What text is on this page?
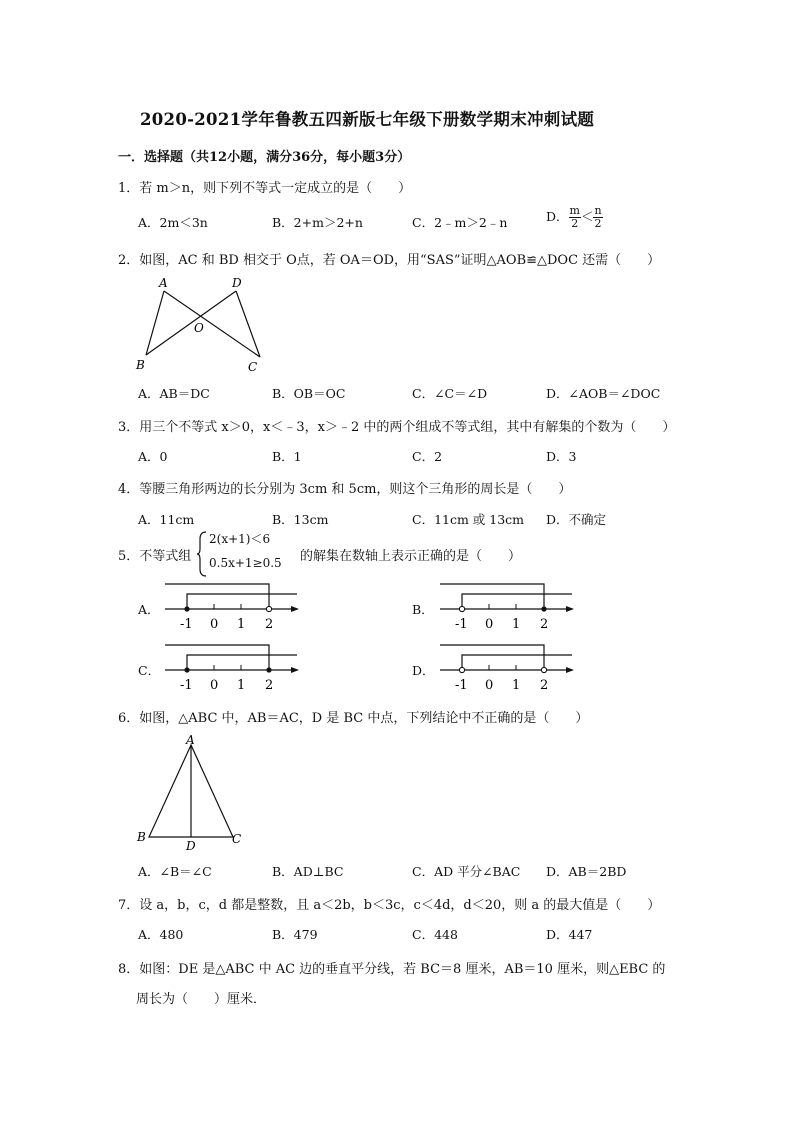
2020-2021学年鲁教五四新版七年级下册数学期末冲刺试题
一．选择题（共12小题，满分36分，每小题3分）
1．若 m＞n，则下列不等式一定成立的是（　　）
A．2m＜3n	B．2+m＞2+n	C．2﹣m＞2﹣n	D． $\frac{m}{2} < \frac{n}{2}$
2．如图，AC 和 BD 相交于 O点，若 OA＝OD，用“SAS”证明△AOB≌△DOC 还需（　　）
A	D
O
B	C
A．AB＝DC	B．OB＝OC	C．∠C＝∠D	D．∠AOB＝∠DOC
3．用三个不等式 x＞0，x＜﹣3，x＞﹣2 中的两个组成不等式组，其中有解集的个数为（　　）
A．0	B．1	C．2	D．3
4．等腰三角形两边的长分别为 3cm 和 5cm，则这个三角形的周长是（　　）
A．11cm	B．13cm	C．11cm 或 13cm D．不确定
5．不等式组
2(x+1)＜6
0.5x+1≥0.5 的解集在数轴上表示正确的是（　　）
A．
-1 0 1 2
B．
-1 0 1 2
C．
-1 0 1 2
D．
-1 0 1 2
6．如图，△ABC 中，AB＝AC，D 是 BC 中点，下列结论中不正确的是（　　）
A
B	C
D
A．∠B＝∠C	B．AD⊥BC	C．AD 平分∠BAC D．AB＝2BD
7．设 a，b，c，d 都是整数，且 a＜2b，b＜3c，c＜4d，d＜20，则 a 的最大值是（　　）
A．480	B．479	C．448	D．447
8．如图：DE 是△ABC 中 AC 边的垂直平分线，若 BC＝8 厘米，AB＝10 厘米，则△EBC 的
周长为（　　）厘米．
